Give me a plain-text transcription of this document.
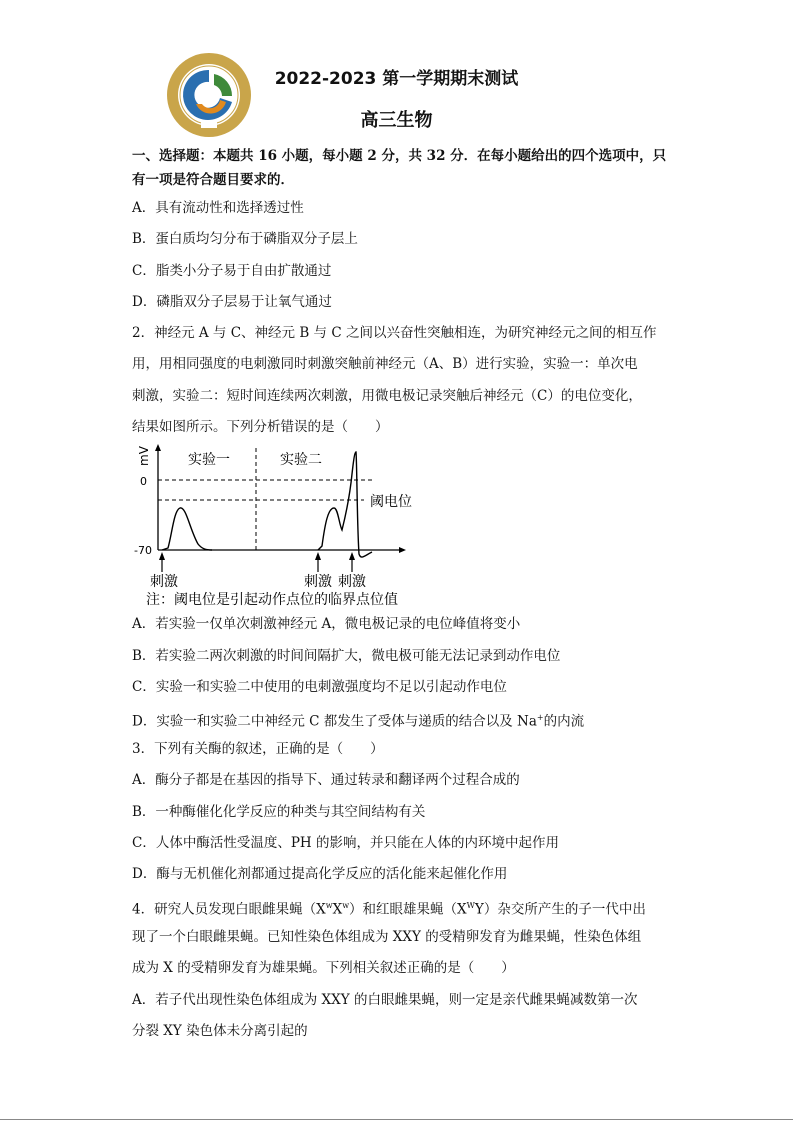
2022-2023 第一学期期末测试
高三生物
一、选择题：本题共 16 小题，每小题 2 分，共 32 分．在每小题给出的四个选项中，只
有一项是符合题目要求的．
A．具有流动性和选择透过性
B．蛋白质均匀分布于磷脂双分子层上
C．脂类小分子易于自由扩散通过
D．磷脂双分子层易于让氧气通过
2．神经元 A 与 C、神经元 B 与 C 之间以兴奋性突触相连，为研究神经元之间的相互作
用，用相同强度的电刺激同时刺激突触前神经元（A、B）进行实验，实验一：单次电
刺激，实验二：短时间连续两次刺激，用微电极记录突触后神经元（C）的电位变化，
结果如图所示。下列分析错误的是（　　）
mV
0
-70
实验一	实验二
阈电位
刺激	刺激 刺激
注：阈电位是引起动作点位的临界点位值
A．若实验一仅单次刺激神经元 A，微电极记录的电位峰值将变小
B．若实验二两次刺激的时间间隔扩大，微电极可能无法记录到动作电位
C．实验一和实验二中使用的电刺激强度均不足以引起动作电位
D．实验一和实验二中神经元 C 都发生了受体与递质的结合以及 Na+的内流
3．下列有关酶的叙述，正确的是（　　）
A．酶分子都是在基因的指导下、通过转录和翻译两个过程合成的
B．一种酶催化化学反应的种类与其空间结构有关
C．人体中酶活性受温度、PH 的影响，并只能在人体的内环境中起作用
D．酶与无机催化剂都通过提高化学反应的活化能来起催化作用
4．研究人员发现白眼雌果蝇$(X^wX^w)$和红眼雄果蝇$(X^WY)$杂交所产生的子一代中出
现了一个白眼雌果蝇。已知性染色体组成为 XXY 的受精卵发育为雌果蝇，性染色体组
成为 X 的受精卵发育为雄果蝇。下列相关叙述正确的是（　　）
A．若子代出现性染色体组成为 XXY 的白眼雌果蝇，则一定是亲代雌果蝇减数第一次
分裂 XY 染色体未分离引起的
